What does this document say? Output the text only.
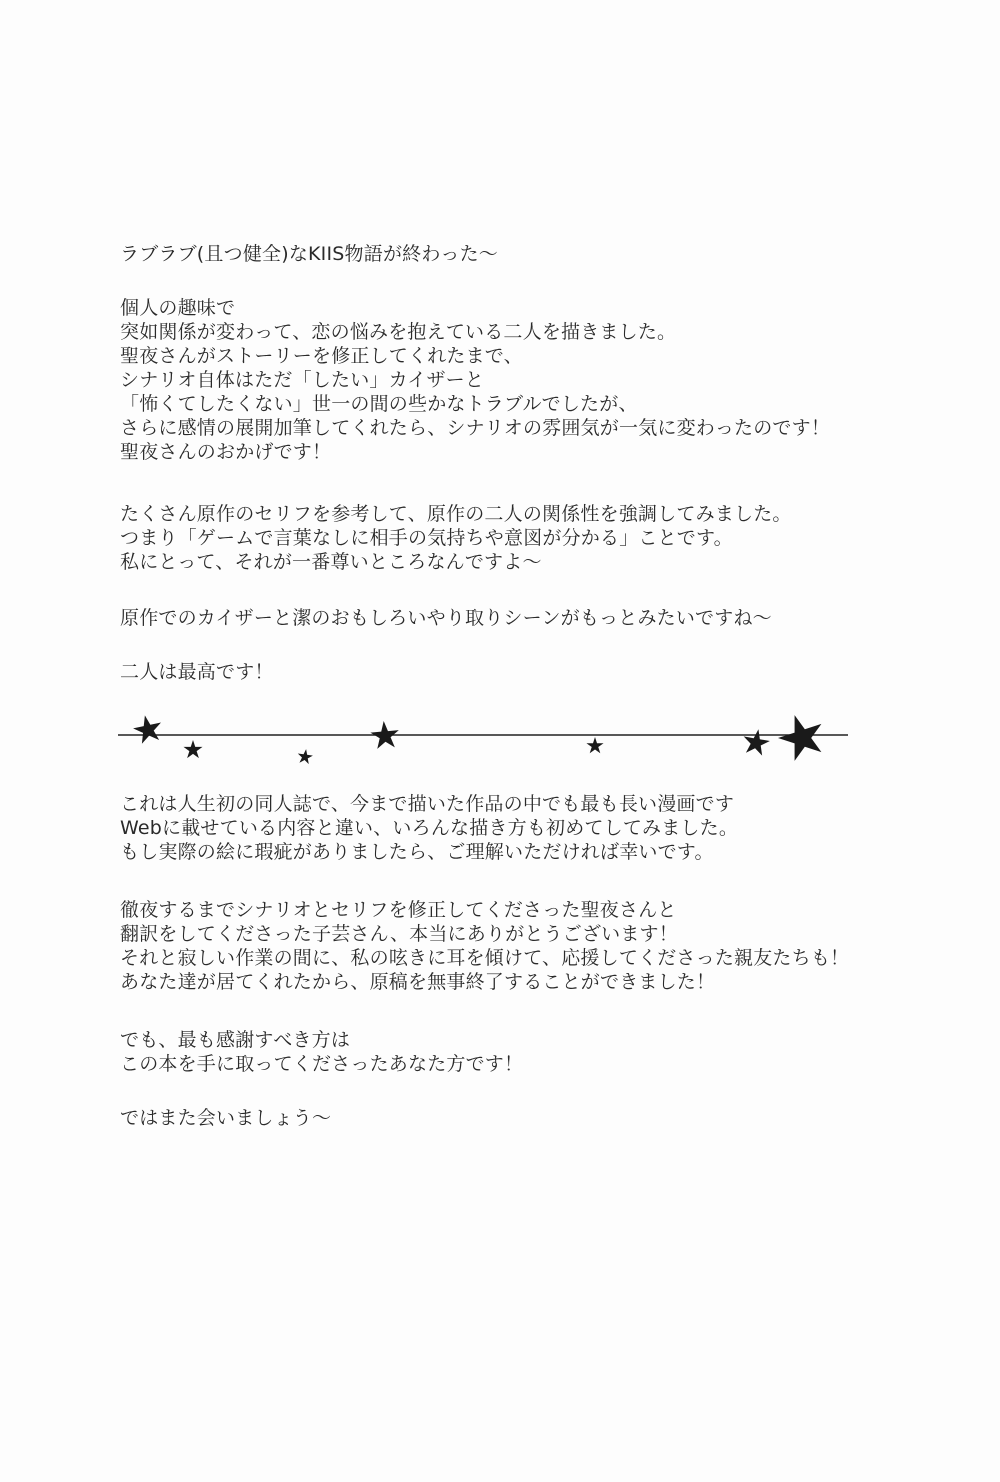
ラブラブ(且つ健全)なKIIS物語が終わった～
個人の趣味で
突如関係が変わって、恋の悩みを抱えている二人を描きました。
聖夜さんがストーリーを修正してくれたまで、
シナリオ自体はただ「したい」カイザーと
「怖くてしたくない」世一の間の些かなトラブルでしたが、
さらに感情の展開加筆してくれたら、シナリオの雰囲気が一気に変わったのです！
聖夜さんのおかげです！
たくさん原作のセリフを参考して、原作の二人の関係性を強調してみました。
つまり「ゲームで言葉なしに相手の気持ちや意図が分かる」ことです。
私にとって、それが一番尊いところなんですよ～
原作でのカイザーと潔のおもしろいやり取りシーンがもっとみたいですね～
二人は最高です！
これは人生初の同人誌で、今まで描いた作品の中でも最も長い漫画です
Webに載せている内容と違い、いろんな描き方も初めてしてみました。
もし実際の絵に瑕疵がありましたら、ご理解いただければ幸いです。
徹夜するまでシナリオとセリフを修正してくださった聖夜さんと
翻訳をしてくださった子芸さん、本当にありがとうございます！
それと寂しい作業の間に、私の呟きに耳を傾けて、応援してくださった親友たちも！
あなた達が居てくれたから、原稿を無事終了することができました！
でも、最も感謝すべき方は
この本を手に取ってくださったあなた方です！
ではまた会いましょう～
